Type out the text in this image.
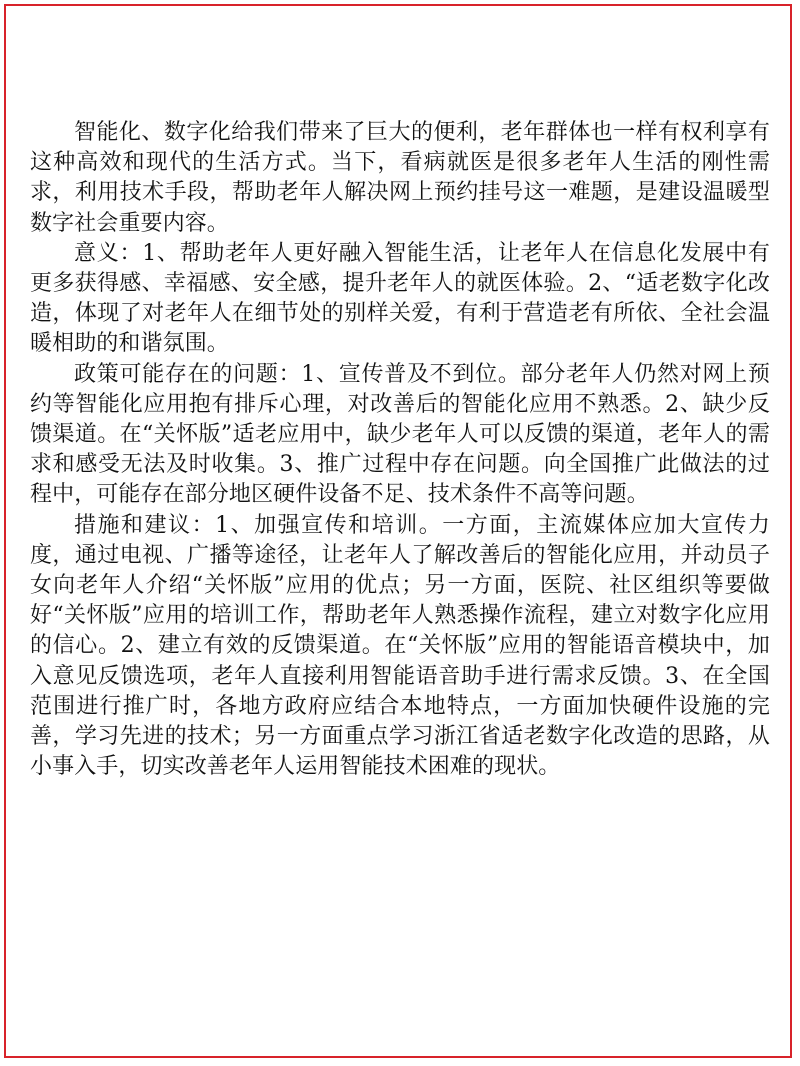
智能化、数字化给我们带来了巨大的便利，老年群体也一样有权利享有这种高效和现代的生活方式。当下，看病就医是很多老年人生活的刚性需求，利用技术手段，帮助老年人解决网上预约挂号这一难题，是建设温暖型数字社会重要内容。

意义：1、帮助老年人更好融入智能生活，让老年人在信息化发展中有更多获得感、幸福感、安全感，提升老年人的就医体验。2、“适老数字化改造，体现了对老年人在细节处的别样关爱，有利于营造老有所依、全社会温暖相助的和谐氛围。

政策可能存在的问题：1、宣传普及不到位。部分老年人仍然对网上预约等智能化应用抱有排斥心理，对改善后的智能化应用不熟悉。2、缺少反馈渠道。在“关怀版”适老应用中，缺少老年人可以反馈的渠道，老年人的需求和感受无法及时收集。3、推广过程中存在问题。向全国推广此做法的过程中，可能存在部分地区硬件设备不足、技术条件不高等问题。

措施和建议：1、加强宣传和培训。一方面，主流媒体应加大宣传力度，通过电视、广播等途径，让老年人了解改善后的智能化应用，并动员子女向老年人介绍“关怀版”应用的优点；另一方面，医院、社区组织等要做好“关怀版”应用的培训工作，帮助老年人熟悉操作流程，建立对数字化应用的信心。2、建立有效的反馈渠道。在“关怀版”应用的智能语音模块中，加入意见反馈选项，老年人直接利用智能语音助手进行需求反馈。3、在全国范围进行推广时，各地方政府应结合本地特点，一方面加快硬件设施的完善，学习先进的技术；另一方面重点学习浙江省适老数字化改造的思路，从小事入手，切实改善老年人运用智能技术困难的现状。
